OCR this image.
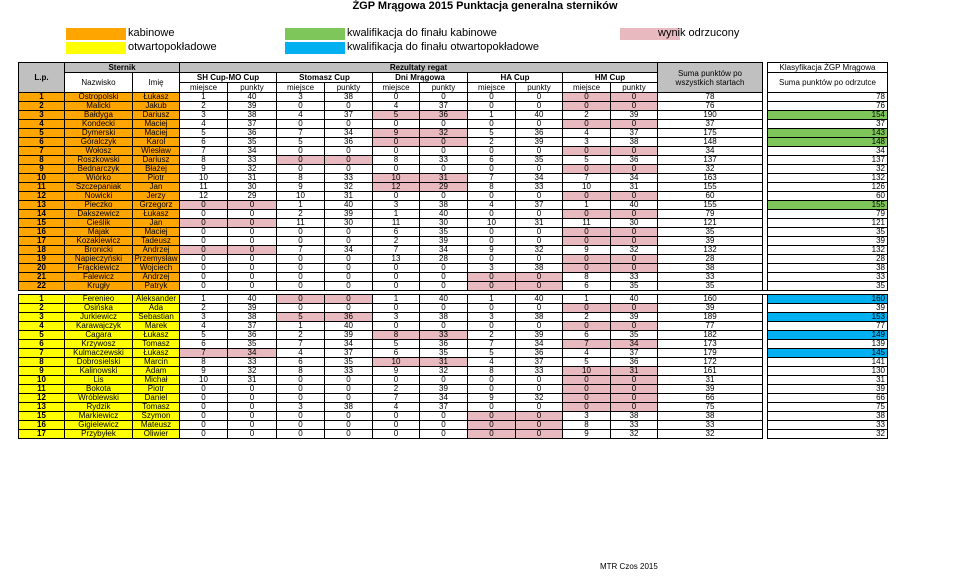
ŻGP Mrągowa 2015 Punktacja generalna sterników
kabinowe
otwartopokładowe
kwalifikacja do finału kabinowe
kwalifikacja do finału otwartopokładowe
wynik odrzucony
L.p.	Sternik		Rezultaty regat										Suma punktów po wszystkich startach		Klasyfikacja ŻGP Mrągowa
	Nazwisko	Imię	SH Cup-MO Cup		Stomasz Cup		Dni Mrągowa		HA Cup		HM Cup				Suma punktów po odrzutce
			miejsce	punkty	miejsce	punkty	miejsce	punkty	miejsce	punkty	miejsce	punkty			
1	Ostropolski	Łukasz	1	40	3	38	0	0	0	0	0	0	78		78
2	Malicki	Jakub	2	39	0	0	4	37	0	0	0	0	76		76
3	Bałdyga	Dariusz	3	38	4	37	5	36	1	40	2	39	190		154
4	Kondecki	Maciej	4	37	0	0	0	0	0	0	0	0	37		37
5	Dymerski	Maciej	5	36	7	34	9	32	5	36	4	37	175		143
6	Góralczyk	Karol	6	35	5	36	0	0	2	39	3	38	148		148
7	Wołosz	Wiesław	7	34	0	0	0	0	0	0	0	0	34		34
8	Roszkowski	Dariusz	8	33	0	0	8	33	6	35	5	36	137		137
9	Bednarczyk	Błażej	9	32	0	0	0	0	0	0	0	0	32		32
10	Wiórko	Piotr	10	31	8	33	10	31	7	34	7	34	163		132
11	Szczepaniak	Jan	11	30	9	32	12	29	8	33	10	31	155		126
12	Nowicki	Jerzy	12	29	10	31	0	0	0	0	0	0	60		60
13	Pieczko	Grzegorz	0	0	1	40	3	38	4	37	1	40	155		155
14	Dakszewicz	Łukasz	0	0	2	39	1	40	0	0	0	0	79		79
15	Cieślik	Jan	0	0	11	30	11	30	10	31	11	30	121		121
16	Majak	Maciej	0	0	0	0	6	35	0	0	0	0	35		35
17	Kozakiewicz	Tadeusz	0	0	0	0	2	39	0	0	0	0	39		39
18	Bronicki	Andrzej	0	0	7	34	7	34	9	32	9	32	132		132
19	Napieczyński	Przemysław	0	0	0	0	13	28	0	0	0	0	28		28
20	Frąckiewicz	Wojciech	0	0	0	0	0	0	3	38	0	0	38		38
21	Falewicz	Andrzej	0	0	0	0	0	0	0	0	8	33	33		33
22	Krugły	Patryk	0	0	0	0	0	0	0	0	6	35	35		35

1	Ferenieo	Aleksander	1	40	0	0	1	40	1	40	1	40	160		160
2	Osińska	Ada	2	39	0	0	0	0	0	0	0	0	39		39
3	Jurkiewicz	Sebastian	3	38	5	36	3	38	3	38	2	39	189		153
4	Karawajczyk	Marek	4	37	1	40	0	0	0	0	0	0	77		77
5	Cagara	Łukasz	5	36	2	39	8	33	2	39	6	35	182		149
6	Krzywosz	Tomasz	6	35	7	34	5	36	7	34	7	34	173		139
7	Kulmaczewski	Łukasz	7	34	4	37	6	35	5	36	4	37	179		145
8	Dobrosielski	Marcin	8	33	6	35	10	31	4	37	5	36	172		141
9	Kalinowski	Adam	9	32	8	33	9	32	8	33	10	31	161		130
10	Lis	Michał	10	31	0	0	0	0	0	0	0	0	31		31
11	Bokota	Piotr	0	0	0	0	2	39	0	0	0	0	39		39
12	Wróblewski	Daniel	0	0	0	0	7	34	9	32	0	0	66		66
13	Rydzik	Tomasz	0	0	3	38	4	37	0	0	0	0	75		75
15	Markiewicz	Szymon	0	0	0	0	0	0	0	0	3	38	38		38
16	Gigielewicz	Mateusz	0	0	0	0	0	0	0	0	8	33	33		33
17	Przybyłek	Oliwier	0	0	0	0	0	0	0	0	9	32	32		32
MTR Czos 2015
